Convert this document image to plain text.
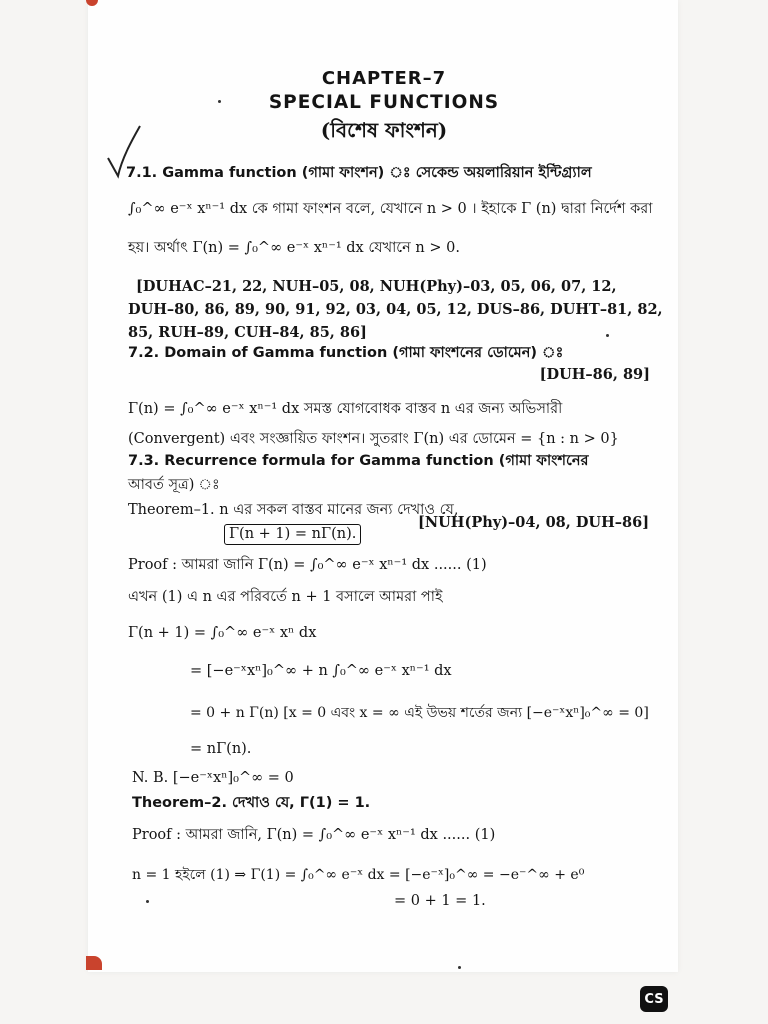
CHAPTER–7
SPECIAL FUNCTIONS
(বিশেষ ফাংশন)
7.1. Gamma function (গামা ফাংশন) ঃ সেকেন্ড অয়লারিয়ান ইন্টিগ্র্যাল
∫₀^∞ e⁻ˣ xⁿ⁻¹ dx কে গামা ফাংশন বলে, যেখানে n > 0 । ইহাকে Γ (n) দ্বারা নির্দেশ করা
হয়। অর্থাৎ Γ(n) = ∫₀^∞ e⁻ˣ xⁿ⁻¹ dx যেখানে n > 0.
[DUHAC–21, 22, NUH–05, 08, NUH(Phy)–03, 05, 06, 07, 12,
DUH–80, 86, 89, 90, 91, 92, 03, 04, 05, 12, DUS–86, DUHT–81, 82,
85, RUH–89, CUH–84, 85, 86]
7.2. Domain of Gamma function (গামা ফাংশনের ডোমেন) ঃ
[DUH–86, 89]
Γ(n) = ∫₀^∞ e⁻ˣ xⁿ⁻¹ dx সমস্ত যোগবোধক বাস্তব n এর জন্য অভিসারী
(Convergent) এবং সংজ্ঞায়িত ফাংশন। সুতরাং Γ(n) এর ডোমেন = {n : n > 0}
7.3. Recurrence formula for Gamma function (গামা ফাংশনের
আবর্ত সূত্র) ঃ
Theorem–1. n এর সকল বাস্তব মানের জন্য দেখাও যে,
Γ(n + 1) = nΓ(n).
[NUH(Phy)–04, 08, DUH–86]
Proof : আমরা জানি Γ(n) = ∫₀^∞ e⁻ˣ xⁿ⁻¹ dx ...... (1)
এখন (1) এ n এর পরিবর্তে n + 1 বসালে আমরা পাই
Γ(n + 1) = ∫₀^∞ e⁻ˣ xⁿ dx
= [−e⁻ˣxⁿ]₀^∞ + n ∫₀^∞ e⁻ˣ xⁿ⁻¹ dx
= 0 + n Γ(n) [x = 0 এবং x = ∞ এই উভয় শর্তের জন্য [−e⁻ˣxⁿ]₀^∞ = 0]
= nΓ(n).
N. B. [−e⁻ˣxⁿ]₀^∞ = 0
Theorem–2. দেখাও যে, Γ(1) = 1.
Proof : আমরা জানি, Γ(n) = ∫₀^∞ e⁻ˣ xⁿ⁻¹ dx ...... (1)
n = 1 হইলে (1) ⇒ Γ(1) = ∫₀^∞ e⁻ˣ dx = [−e⁻ˣ]₀^∞ = −e⁻^∞ + e⁰
= 0 + 1 = 1.
CS
